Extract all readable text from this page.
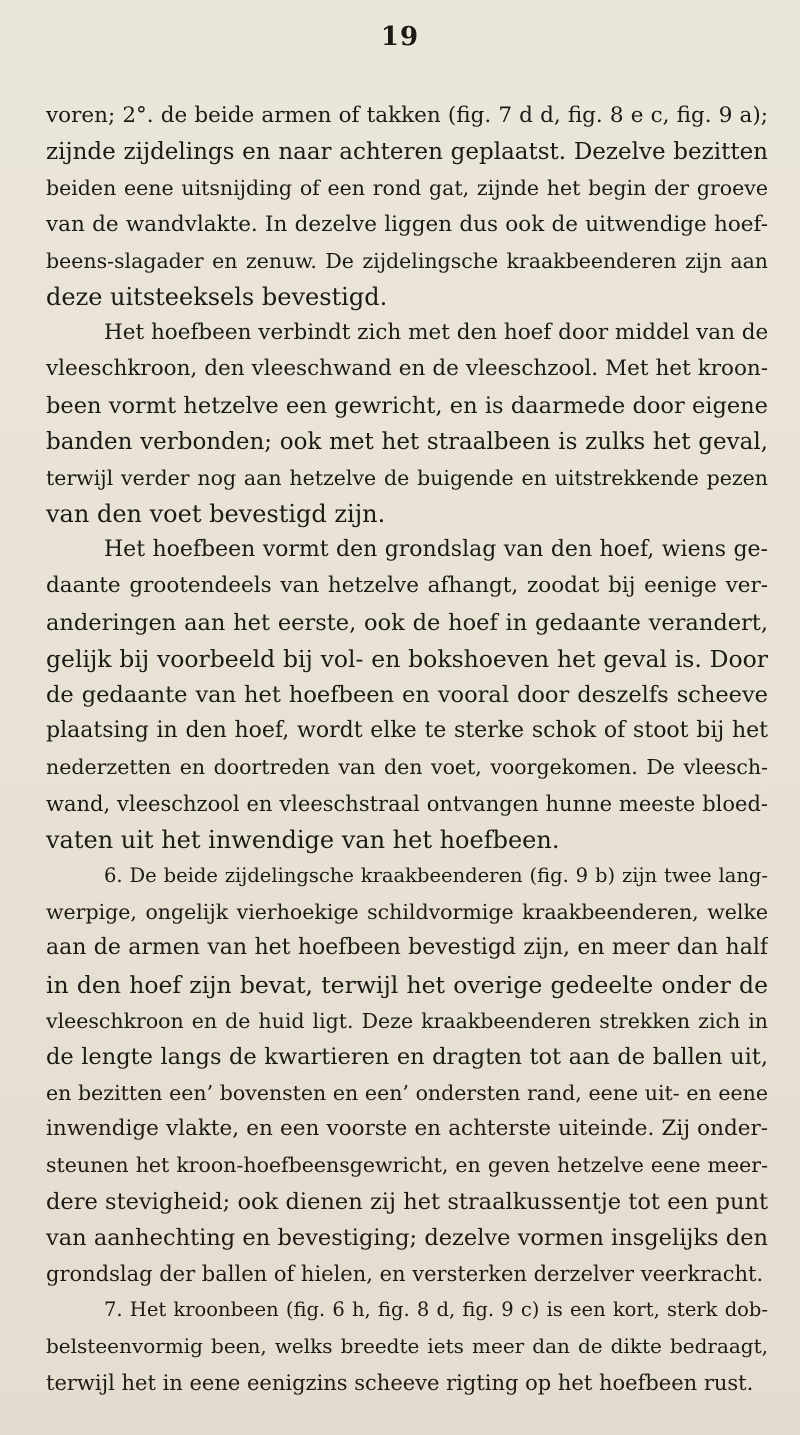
19
voren; 2°. de beide armen of takken (fig. 7 d d, fig. 8 e c, fig. 9 a);
zijnde zijdelings en naar achteren geplaatst. Dezelve bezitten
beiden eene uitsnijding of een rond gat, zijnde het begin der groeve
van de wandvlakte. In dezelve liggen dus ook de uitwendige hoef-
beens-slagader en zenuw. De zijdelingsche kraakbeenderen zijn aan
deze uitsteeksels bevestigd.
Het hoefbeen verbindt zich met den hoef door middel van de
vleeschkroon, den vleeschwand en de vleeschzool. Met het kroon-
been vormt hetzelve een gewricht, en is daarmede door eigene
banden verbonden; ook met het straalbeen is zulks het geval,
terwijl verder nog aan hetzelve de buigende en uitstrekkende pezen
van den voet bevestigd zijn.
Het hoefbeen vormt den grondslag van den hoef, wiens ge-
daante grootendeels van hetzelve afhangt, zoodat bij eenige ver-
anderingen aan het eerste, ook de hoef in gedaante verandert,
gelijk bij voorbeeld bij vol- en bokshoeven het geval is. Door
de gedaante van het hoefbeen en vooral door deszelfs scheeve
plaatsing in den hoef, wordt elke te sterke schok of stoot bij het
nederzetten en doortreden van den voet, voorgekomen. De vleesch-
wand, vleeschzool en vleeschstraal ontvangen hunne meeste bloed-
vaten uit het inwendige van het hoefbeen.
6. De beide zijdelingsche kraakbeenderen (fig. 9 b) zijn twee lang-
werpige, ongelijk vierhoekige schildvormige kraakbeenderen, welke
aan de armen van het hoefbeen bevestigd zijn, en meer dan half
in den hoef zijn bevat, terwijl het overige gedeelte onder de
vleeschkroon en de huid ligt. Deze kraakbeenderen strekken zich in
de lengte langs de kwartieren en dragten tot aan de ballen uit,
en bezitten een’ bovensten en een’ ondersten rand, eene uit- en eene
inwendige vlakte, en een voorste en achterste uiteinde. Zij onder-
steunen het kroon-hoefbeensgewricht, en geven hetzelve eene meer-
dere stevigheid; ook dienen zij het straalkussentje tot een punt
van aanhechting en bevestiging; dezelve vormen insgelijks den
grondslag der ballen of hielen, en versterken derzelver veerkracht.
7. Het kroonbeen (fig. 6 h, fig. 8 d, fig. 9 c) is een kort, sterk dob-
belsteenvormig been, welks breedte iets meer dan de dikte bedraagt,
terwijl het in eene eenigzins scheeve rigting op het hoefbeen rust.
